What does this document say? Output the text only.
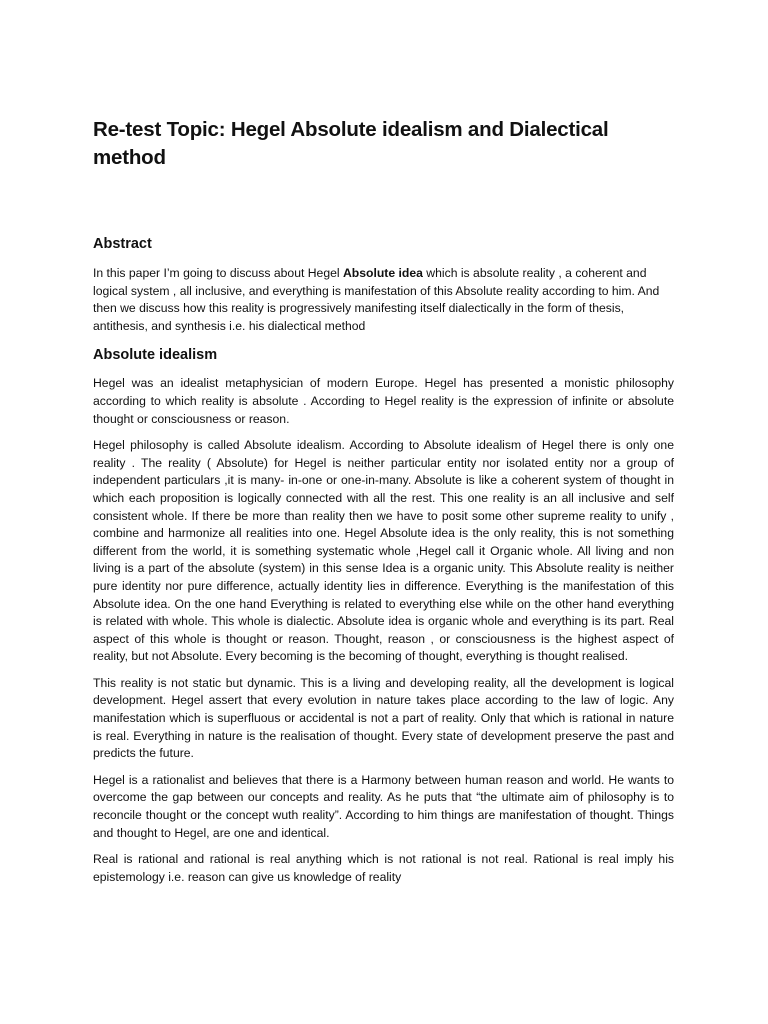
Re-test Topic: Hegel Absolute idealism and Dialectical method
Abstract

In this paper I’m going to discuss about Hegel Absolute idea which is absolute reality , a coherent and logical system , all inclusive, and everything is manifestation of this Absolute reality according to him. And then we discuss how this reality is progressively manifesting itself dialectically in the form of thesis, antithesis, and synthesis i.e. his dialectical method

Absolute idealism

Hegel was an idealist metaphysician of modern Europe. Hegel has presented a monistic philosophy according to which reality is absolute . According to Hegel reality is the expression of infinite or absolute thought or consciousness or reason.

Hegel philosophy is called Absolute idealism. According to Absolute idealism of Hegel there is only one reality . The reality ( Absolute) for Hegel is neither particular entity nor isolated entity nor a group of independent particulars ,it is many- in-one or one-in-many. Absolute is like a coherent system of thought in which each proposition is logically connected with all the rest. This one reality is an all inclusive and self consistent whole. If there be more than reality then we have to posit some other supreme reality to unify , combine and harmonize all realities into one. Hegel Absolute idea is the only reality, this is not something different from the world, it is something systematic whole ,Hegel call it Organic whole. All living and non living is a part of the absolute (system) in this sense Idea is a organic unity. This Absolute reality is neither pure identity nor pure difference, actually identity lies in difference. Everything is the manifestation of this Absolute idea. On the one hand Everything is related to everything else while on the other hand everything is related with whole. This whole is dialectic. Absolute idea is organic whole and everything is its part. Real aspect of this whole is thought or reason. Thought, reason , or consciousness is the highest aspect of reality, but not Absolute. Every becoming is the becoming of thought, everything is thought realised.

This reality is not static but dynamic. This is a living and developing reality, all the development is logical development. Hegel assert that every evolution in nature takes place according to the law of logic. Any manifestation which is superfluous or accidental is not a part of reality. Only that which is rational in nature is real. Everything in nature is the realisation of thought. Every state of development preserve the past and predicts the future.

Hegel is a rationalist and believes that there is a Harmony between human reason and world. He wants to overcome the gap between our concepts and reality. As he puts that “the ultimate aim of philosophy is to reconcile thought or the concept wuth reality”. According to him things are manifestation of thought. Things and thought to Hegel, are one and identical.

Real is rational and rational is real anything which is not rational is not real. Rational is real imply his epistemology i.e. reason can give us knowledge of reality
